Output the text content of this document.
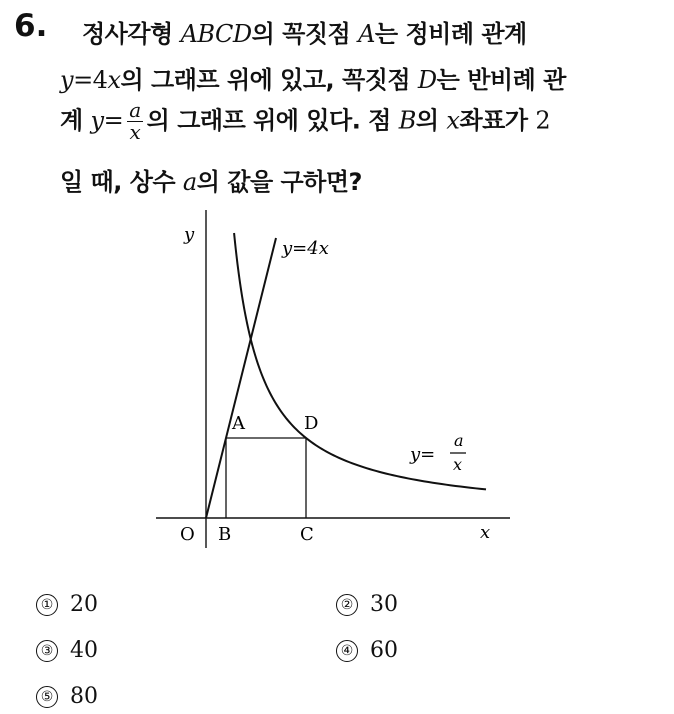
6. 정사각형 ABCD의 꼭짓점 A는 정비례 관계
y=4x의 그래프 위에 있고, 꼭짓점 D는 반비례 관
계 $y= \frac{a}{x}$ 의 그래프 위에 있다. 점 B의 x좌표가 2
일 때, 상수 a의 값을 구하면?
y
x
O B	C
A	D
y=4x
y=
a
x
① 20	② 30
③ 40	④ 60
⑤ 80
